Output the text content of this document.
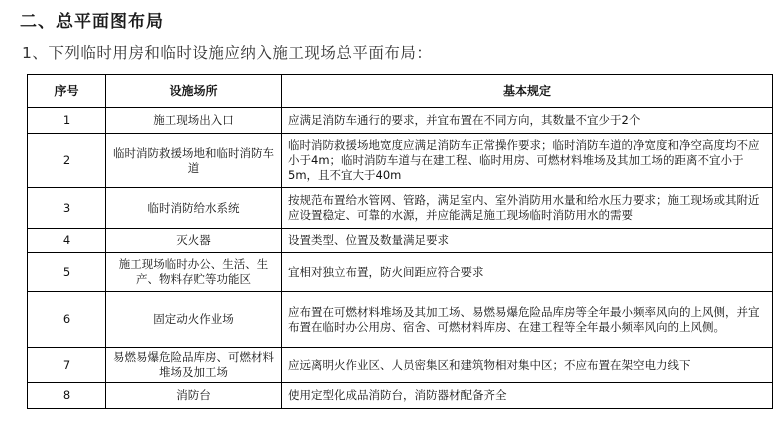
二、总平面图布局
1、下列临时用房和临时设施应纳入施工现场总平面布局：
序号	设施场所	基本规定
1	施工现场出入口	应满足消防车通行的要求，并宜布置在不同方向，其数量不宜少于2个
2	临时消防救援场地和临时消防车道	临时消防救援场地宽度应满足消防车正常操作要求；临时消防车道的净宽度和净空高度均不应小于4m；临时消防车道与在建工程、临时用房、可燃材料堆场及其加工场的距离不宜小于5m，且不宜大于40m
3	临时消防给水系统	按规范布置给水管网、管路，满足室内、室外消防用水量和给水压力要求；施工现场或其附近应设置稳定、可靠的水源，并应能满足施工现场临时消防用水的需要
4	灭火器	设置类型、位置及数量满足要求
5	施工现场临时办公、生活、生产、物料存贮等功能区	宜相对独立布置，防火间距应符合要求
6	固定动火作业场	应布置在可燃材料堆场及其加工场、易燃易爆危险品库房等全年最小频率风向的上风侧，并宜布置在临时办公用房、宿舍、可燃材料库房、在建工程等全年最小频率风向的上风侧。
7	易燃易爆危险品库房、可燃材料堆场及加工场	应远离明火作业区、人员密集区和建筑物相对集中区；不应布置在架空电力线下
8	消防台	使用定型化成品消防台，消防器材配备齐全
